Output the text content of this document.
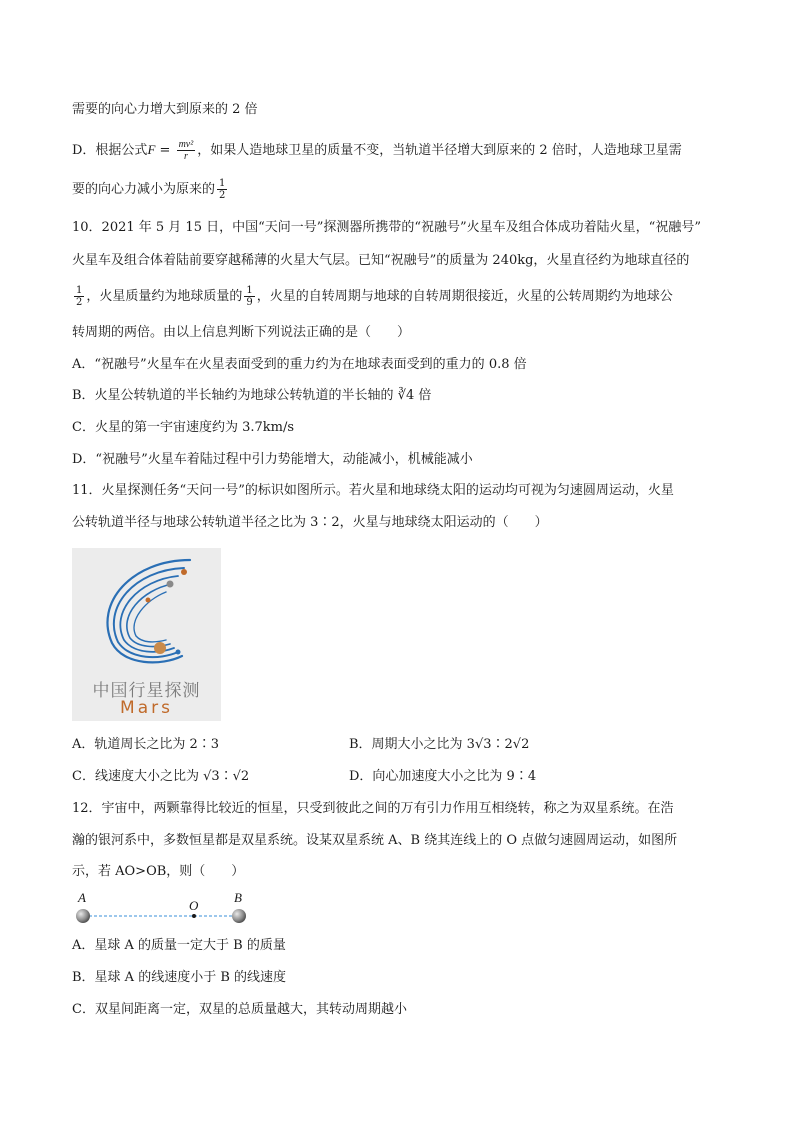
需要的向心力增大到原来的 2 倍
D．根据公式$F = \frac{\text{mv²}}{r}$ ，如果人造地球卫星的质量不变，当轨道半径增大到原来的 2 倍时，人造地球卫星需
要的向心力减小为原来的 $\frac{1}{2}$
10．2021 年 5 月 15 日，中国“天问一号”探测器所携带的“祝融号”火星车及组合体成功着陆火星，“祝融号”
火星车及组合体着陆前要穿越稀薄的火星大气层。已知“祝融号”的质量为 240kg，火星直径约为地球直径的
$\frac{1}{2}$ ，火星质量约为地球质量的 $\frac{1}{9}$ ，火星的自转周期与地球的自转周期很接近，火星的公转周期约为地球公
转周期的两倍。由以上信息判断下列说法正确的是（　　）
A．“祝融号”火星车在火星表面受到的重力约为在地球表面受到的重力的 0.8 倍
B．火星公转轨道的半长轴约为地球公转轨道的半长轴的 ∛4 倍
C．火星的第一宇宙速度约为 3.7km/s
D．“祝融号”火星车着陆过程中引力势能增大，动能减小，机械能减小
11．火星探测任务“天问一号”的标识如图所示。若火星和地球绕太阳的运动均可视为匀速圆周运动，火星
公转轨道半径与地球公转轨道半径之比为 3∶2，火星与地球绕太阳运动的（　　）
中国行星探测
Mars
A．轨道周长之比为 2∶3	B．周期大小之比为 3√3∶2√2
C．线速度大小之比为 √3∶√2	D．向心加速度大小之比为 9∶4
12．宇宙中，两颗靠得比较近的恒星，只受到彼此之间的万有引力作用互相绕转，称之为双星系统。在浩
瀚的银河系中，多数恒星都是双星系统。设某双星系统 A、B 绕其连线上的 O 点做匀速圆周运动，如图所
示，若 AO>OB，则（　　）
A
O
B
A．星球 A 的质量一定大于 B 的质量
B．星球 A 的线速度小于 B 的线速度
C．双星间距离一定，双星的总质量越大，其转动周期越小
